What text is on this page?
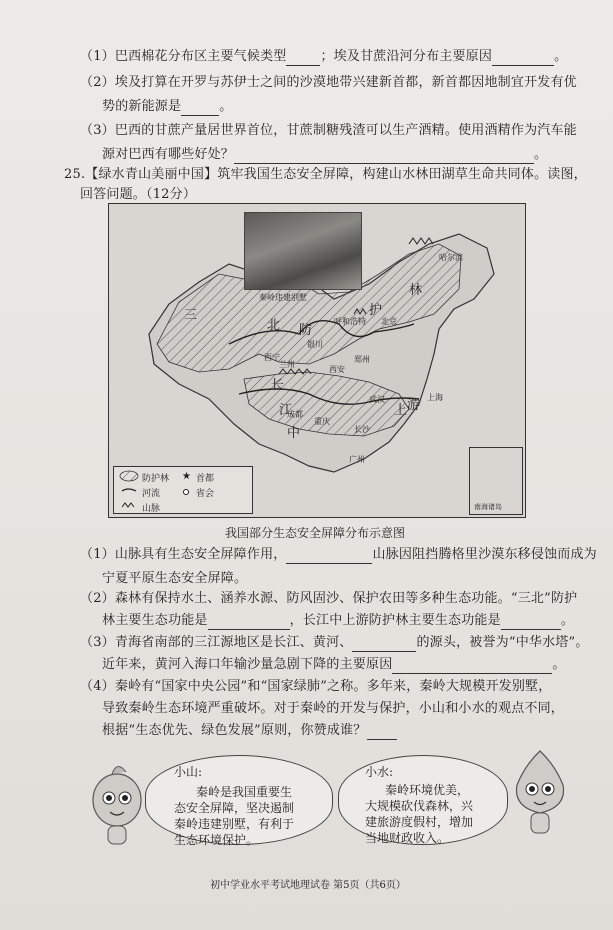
（1）巴西棉花分布区主要气候类型	；埃及甘蔗沿河分布主要原因	。
（2）埃及打算在开罗与苏伊士之间的沙漠地带兴建新首都，新首都因地制宜开发有优
势的新能源是	。
（3）巴西的甘蔗产量居世界首位，甘蔗制糖残渣可以生产酒精。使用酒精作为汽车能
源对巴西有哪些好处？	。
25.【绿水青山美丽中国】筑牢我国生态安全屏障，构建山水林田湖草生命共同体。读图，
回答问题。（12分）
秦岭违建别墅
三
北 防
护
林
长
江
中
上 游
北京
上海
哈尔滨
呼和浩特
西宁
兰州
银川
西安
郑州
武汉
成都
重庆
长沙
广州
★
防护林	首都
河流	省会
山脉	南海诸岛
我国部分生态安全屏障分布示意图
（1）山脉具有生态安全屏障作用，	山脉因阻挡腾格里沙漠东移侵蚀而成为
宁夏平原生态安全屏障。
（2）森林有保持水土、涵养水源、防风固沙、保护农田等多种生态功能。“三北”防护
林主要生态功能是	，长江中上游防护林主要生态功能是	。
（3）青海省南部的三江源地区是长江、黄河、	的源头，被誉为“中华水塔”。
近年来，黄河入海口年输沙量急剧下降的主要原因	。
（4）秦岭有“国家中央公园”和“国家绿肺”之称。多年来，秦岭大规模开发别墅，
导致秦岭生态环境严重破坏。对于秦岭的开发与保护，小山和小水的观点不同，
根据“生态优先、绿色发展”原则，你赞成谁？
小山:
秦岭是我国重要生
态安全屏障，坚决遏制
秦岭违建别墅，有利于
生态环境保护。
小水:
秦岭环境优美，
大规模砍伐森林，兴
建旅游度假村，增加
当地财政收入。
初中学业水平考试地理试卷 第5页（共6页）
